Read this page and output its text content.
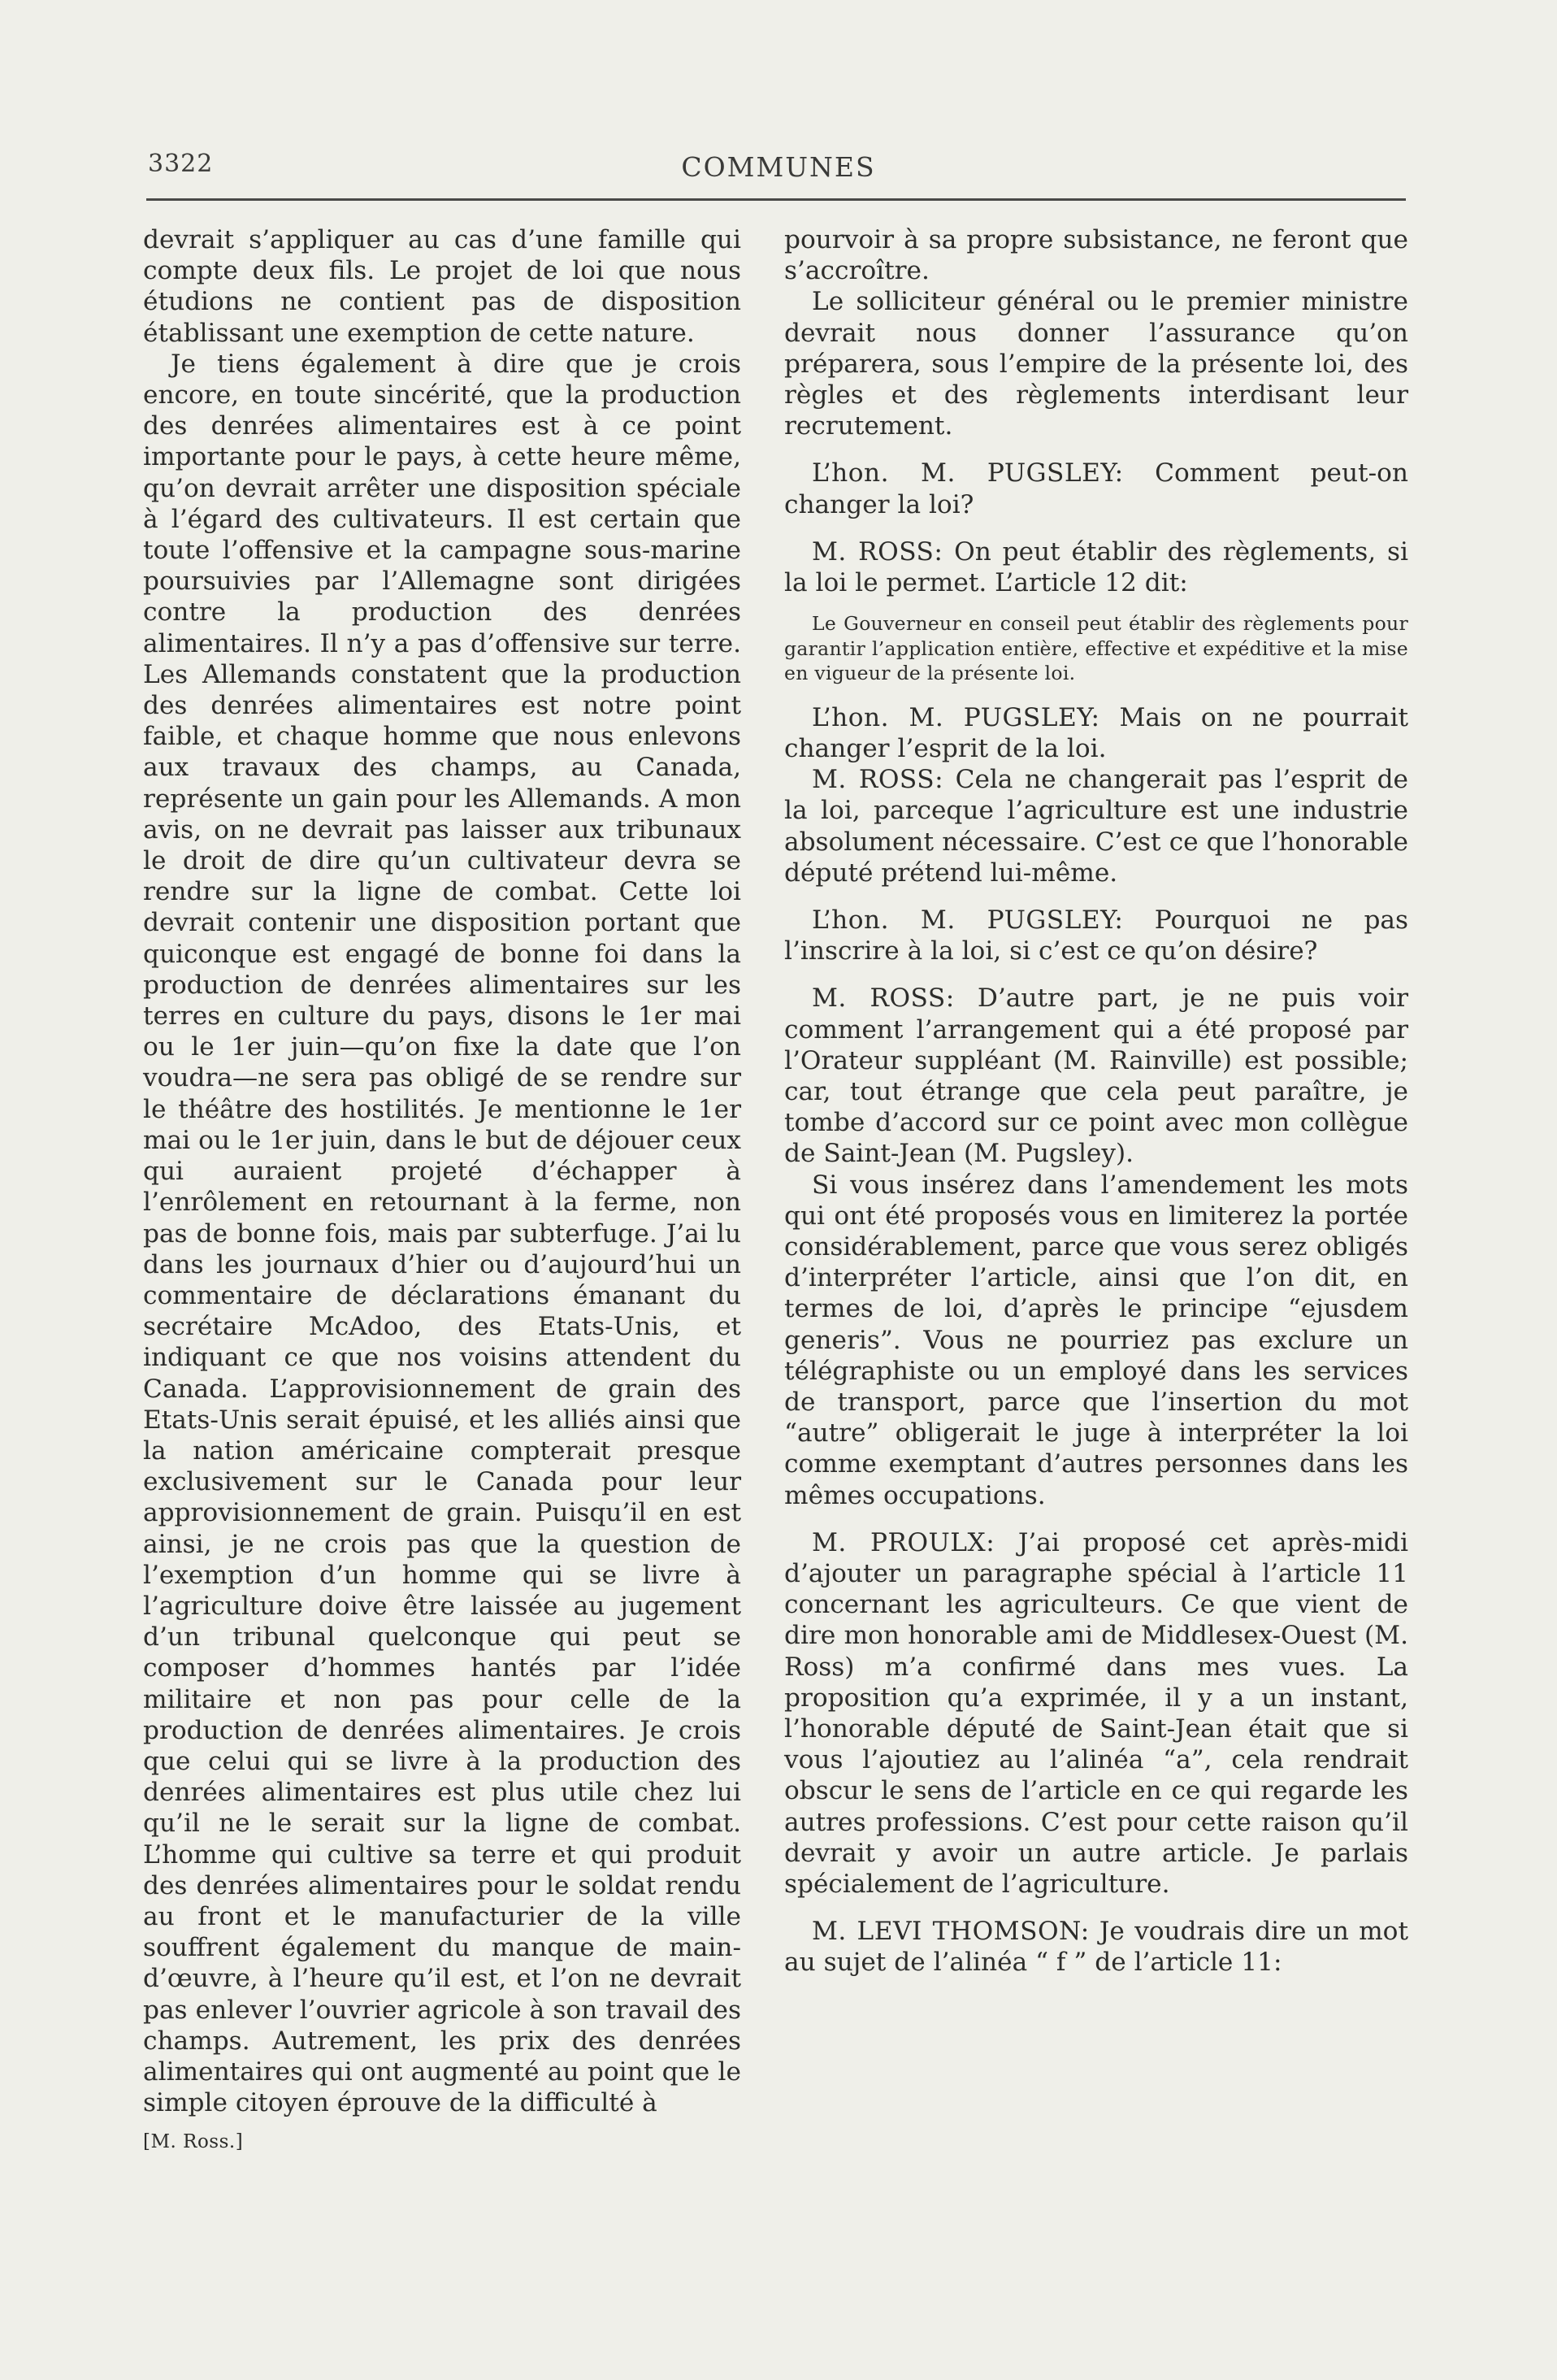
3322	COMMUNES

devrait s’appliquer au cas d’une famille qui compte deux fils. Le projet de loi que nous étudions ne contient pas de disposition établissant une exemption de cette nature.

Je tiens également à dire que je crois encore, en toute sincérité, que la production des denrées alimentaires est à ce point importante pour le pays, à cette heure même, qu’on devrait arrêter une disposition spéciale à l’égard des cultivateurs. Il est certain que toute l’offensive et la campagne sous-marine poursuivies par l’Allemagne sont dirigées contre la production des denrées alimentaires. Il n’y a pas d’offensive sur terre. Les Allemands constatent que la production des denrées alimentaires est notre point faible, et chaque homme que nous enlevons aux travaux des champs, au Canada, représente un gain pour les Allemands. A mon avis, on ne devrait pas laisser aux tribunaux le droit de dire qu’un cultivateur devra se rendre sur la ligne de combat. Cette loi devrait contenir une disposition portant que quiconque est engagé de bonne foi dans la production de denrées alimentaires sur les terres en culture du pays, disons le 1er mai ou le 1er juin—qu’on fixe la date que l’on voudra—ne sera pas obligé de se rendre sur le théâtre des hostilités. Je mentionne le 1er mai ou le 1er juin, dans le but de déjouer ceux qui auraient projeté d’échapper à l’enrôlement en retournant à la ferme, non pas de bonne fois, mais par subterfuge. J’ai lu dans les journaux d’hier ou d’aujourd’hui un commentaire de déclarations émanant du secrétaire McAdoo, des Etats-Unis, et indiquant ce que nos voisins attendent du Canada. L’approvisionnement de grain des Etats-Unis serait épuisé, et les alliés ainsi que la nation américaine compterait presque exclusivement sur le Canada pour leur approvisionnement de grain. Puisqu’il en est ainsi, je ne crois pas que la question de l’exemption d’un homme qui se livre à l’agriculture doive être laissée au jugement d’un tribunal quelconque qui peut se composer d’hommes hantés par l’idée militaire et non pas pour celle de la production de denrées alimentaires. Je crois que celui qui se livre à la production des denrées alimentaires est plus utile chez lui qu’il ne le serait sur la ligne de combat. L’homme qui cultive sa terre et qui produit des denrées alimentaires pour le soldat rendu au front et le manufacturier de la ville souffrent également du manque de main-d’œuvre, à l’heure qu’il est, et l’on ne devrait pas enlever l’ouvrier agricole à son travail des champs. Autrement, les prix des denrées alimentaires qui ont augmenté au point que le simple citoyen éprouve de la difficulté à

[M. Ross.]

pourvoir à sa propre subsistance, ne feront que s’accroître.

Le solliciteur général ou le premier ministre devrait nous donner l’assurance qu’on préparera, sous l’empire de la présente loi, des règles et des règlements interdisant leur recrutement.

L’hon. M. PUGSLEY: Comment peut-on changer la loi?

M. ROSS: On peut établir des règlements, si la loi le permet. L’article 12 dit:

Le Gouverneur en conseil peut établir des règlements pour garantir l’application entière, effective et expéditive et la mise en vigueur de la présente loi.

L’hon. M. PUGSLEY: Mais on ne pourrait changer l’esprit de la loi.

M. ROSS: Cela ne changerait pas l’esprit de la loi, parceque l’agriculture est une industrie absolument nécessaire. C’est ce que l’honorable député prétend lui-même.

L’hon. M. PUGSLEY: Pourquoi ne pas l’inscrire à la loi, si c’est ce qu’on désire?

M. ROSS: D’autre part, je ne puis voir comment l’arrangement qui a été proposé par l’Orateur suppléant (M. Rainville) est possible; car, tout étrange que cela peut paraître, je tombe d’accord sur ce point avec mon collègue de Saint-Jean (M. Pugsley).

Si vous insérez dans l’amendement les mots qui ont été proposés vous en limiterez la portée considérablement, parce que vous serez obligés d’interpréter l’article, ainsi que l’on dit, en termes de loi, d’après le principe “ejusdem generis”. Vous ne pourriez pas exclure un télégraphiste ou un employé dans les services de transport, parce que l’insertion du mot “autre” obligerait le juge à interpréter la loi comme exemptant d’autres personnes dans les mêmes occupations.

M. PROULX: J’ai proposé cet après-midi d’ajouter un paragraphe spécial à l’article 11 concernant les agriculteurs. Ce que vient de dire mon honorable ami de Middlesex-Ouest (M. Ross) m’a confirmé dans mes vues. La proposition qu’a exprimée, il y a un instant, l’honorable député de Saint-Jean était que si vous l’ajoutiez au l’alinéa “a”, cela rendrait obscur le sens de l’article en ce qui regarde les autres professions. C’est pour cette raison qu’il devrait y avoir un autre article. Je parlais spécialement de l’agriculture.

M. LEVI THOMSON: Je voudrais dire un mot au sujet de l’alinéa “ f ” de l’article 11:
